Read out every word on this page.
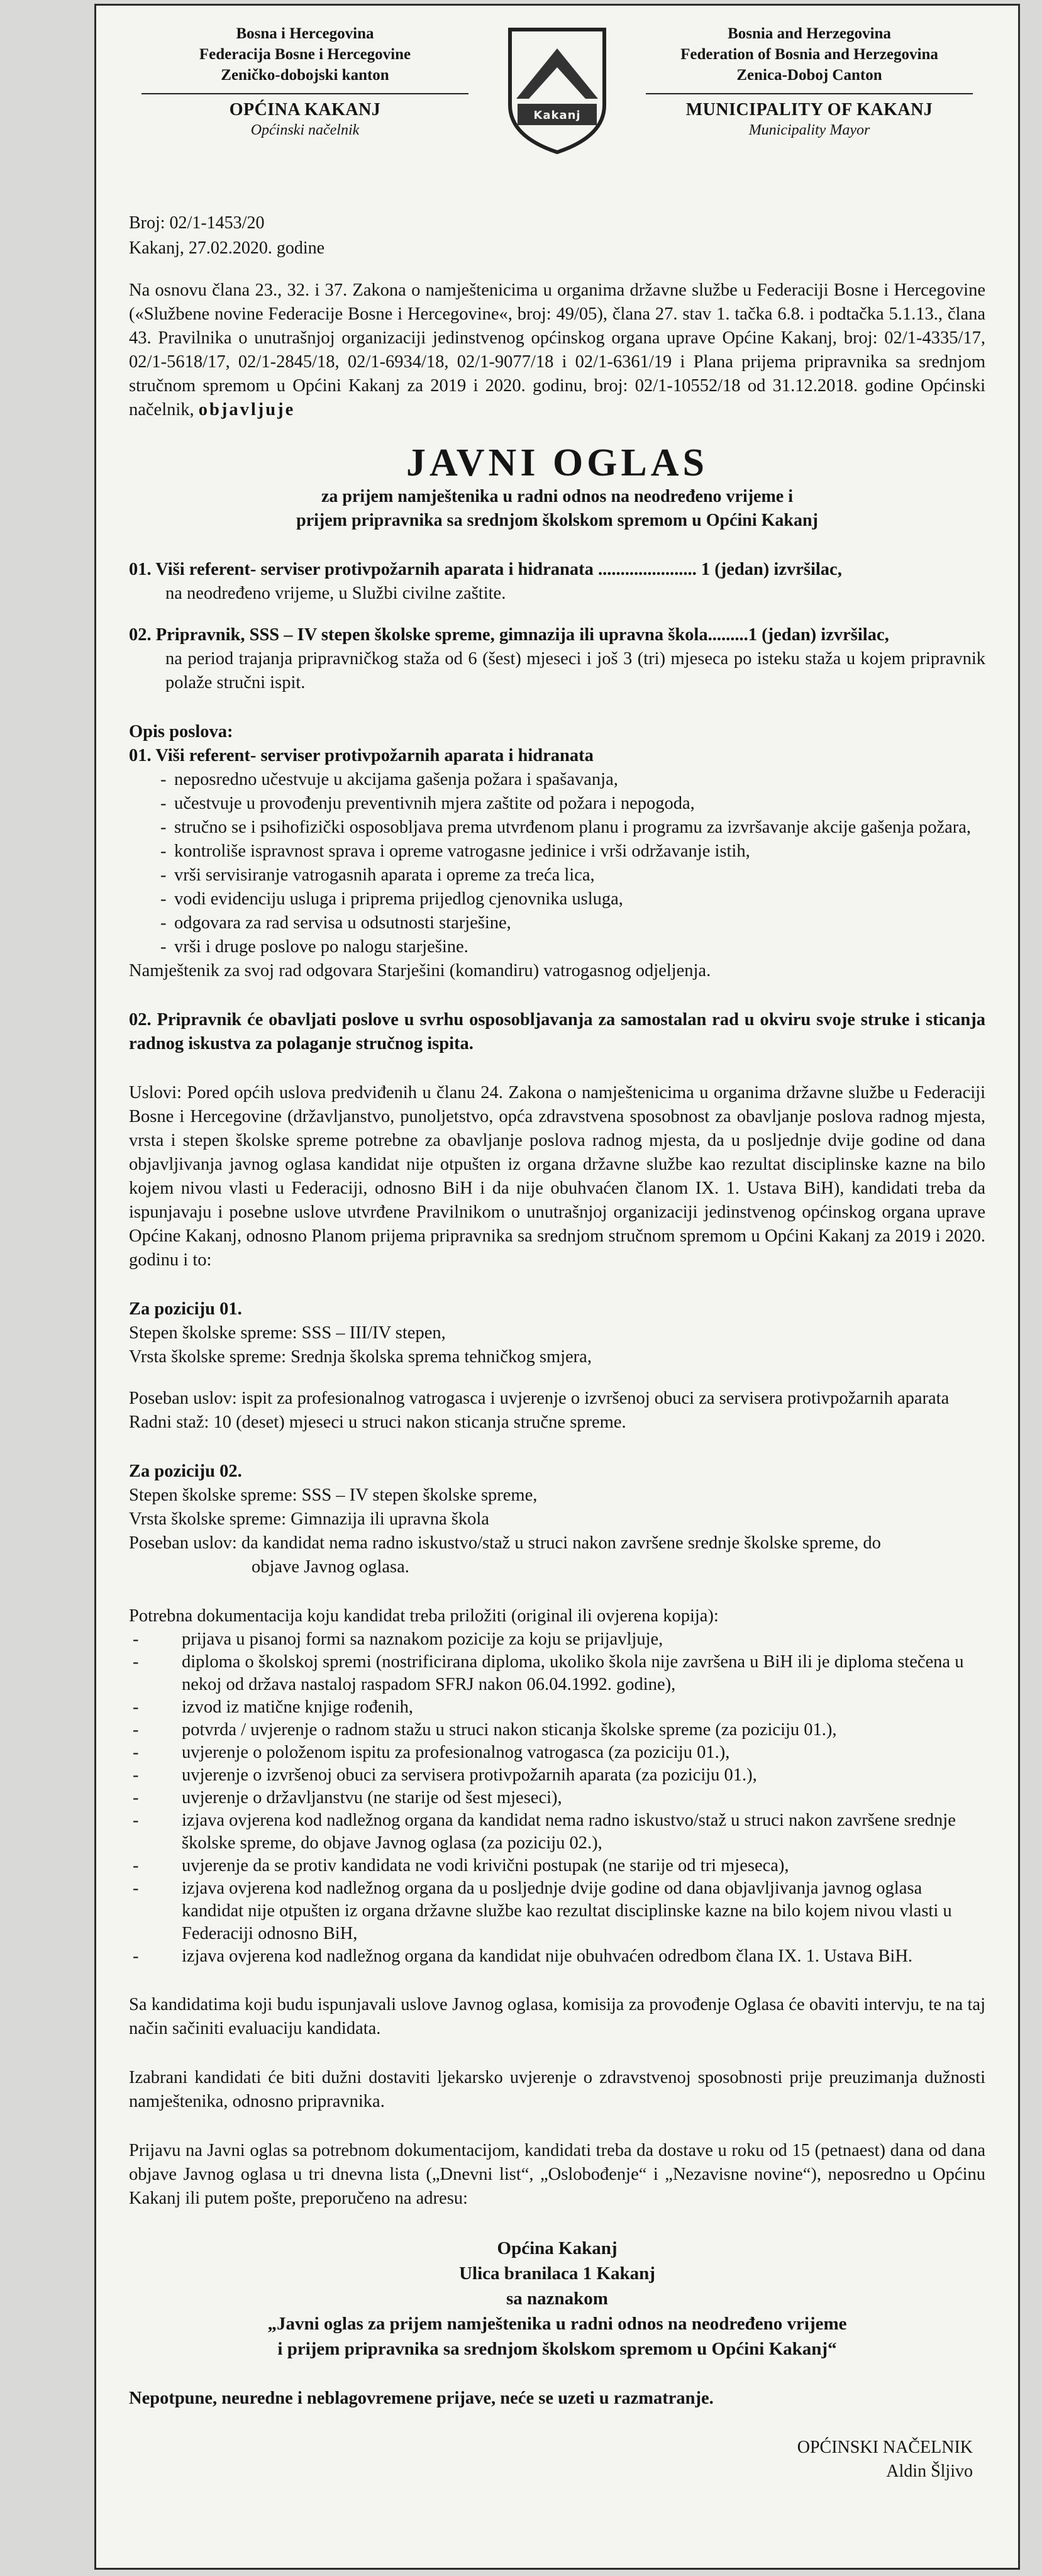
Bosna i Hercegovina
Federacija Bosne i Hercegovine
Zeničko-dobojski kanton
OPĆINA KAKANJ
Općinski načelnik
Kakanj
Bosnia and Herzegovina
Federation of Bosnia and Herzegovina
Zenica-Doboj Canton
MUNICIPALITY OF KAKANJ
Municipality Mayor
Broj: 02/1-1453/20
Kakanj, 27.02.2020. godine

Na osnovu člana 23., 32. i 37. Zakona o namještenicima u organima državne službe u Federaciji Bosne i Hercegovine («Službene novine Federacije Bosne i Hercegovine«, broj: 49/05), člana 27. stav 1. tačka 6.8. i podtačka 5.1.13., člana 43. Pravilnika o unutrašnjoj organizaciji jedinstvenog općinskog organa uprave Općine Kakanj, broj: 02/1-4335/17, 02/1-5618/17, 02/1-2845/18, 02/1-6934/18, 02/1-9077/18 i 02/1-6361/19 i Plana prijema pripravnika sa srednjom stručnom spremom u Općini Kakanj za 2019 i 2020. godinu, broj: 02/1-10552/18 od 31.12.2018. godine Općinski načelnik, objavljuje

JAVNI OGLAS
za prijem namještenika u radni odnos na neodređeno vrijeme i
prijem pripravnika sa srednjom školskom spremom u Općini Kakanj
01. Viši referent- serviser protivpožarnih aparata i hidranata ...................... 1 (jedan) izvršilac,
na neodređeno vrijeme, u Službi civilne zaštite.
02. Pripravnik, SSS – IV stepen školske spreme, gimnazija ili upravna škola.........1 (jedan) izvršilac,
na period trajanja pripravničkog staža od 6 (šest) mjeseci i još 3 (tri) mjeseca po isteku staža u kojem pripravnik polaže stručni ispit.
Opis poslova:
01. Viši referent- serviser protivpožarnih aparata i hidranata
- neposredno učestvuje u akcijama gašenja požara i spašavanja,
- učestvuje u provođenju preventivnih mjera zaštite od požara i nepogoda,
- stručno se i psihofizički osposobljava prema utvrđenom planu i programu za izvršavanje akcije gašenja požara,
- kontroliše ispravnost sprava i opreme vatrogasne jedinice i vrši održavanje istih,
- vrši servisiranje vatrogasnih aparata i opreme za treća lica,
- vodi evidenciju usluga i priprema prijedlog cjenovnika usluga,
- odgovara za rad servisa u odsutnosti starješine,
- vrši i druge poslove po nalogu starješine.

Namještenik za svoj rad odgovara Starješini (komandiru) vatrogasnog odjeljenja.

02. Pripravnik će obavljati poslove u svrhu osposobljavanja za samostalan rad u okviru svoje struke i sticanja radnog iskustva za polaganje stručnog ispita.

Uslovi: Pored općih uslova predviđenih u članu 24. Zakona o namještenicima u organima državne službe u Federaciji Bosne i Hercegovine (državljanstvo, punoljetstvo, opća zdravstvena sposobnost za obavljanje poslova radnog mjesta, vrsta i stepen školske spreme potrebne za obavljanje poslova radnog mjesta, da u posljednje dvije godine od dana objavljivanja javnog oglasa kandidat nije otpušten iz organa državne službe kao rezultat disciplinske kazne na bilo kojem nivou vlasti u Federaciji, odnosno BiH i da nije obuhvaćen članom IX. 1. Ustava BiH), kandidati treba da ispunjavaju i posebne uslove utvrđene Pravilnikom o unutrašnjoj organizaciji jedinstvenog općinskog organa uprave Općine Kakanj, odnosno Planom prijema pripravnika sa srednjom stručnom spremom u Općini Kakanj za 2019 i 2020. godinu i to:

Za poziciju 01.

Stepen školske spreme: SSS – III/IV stepen,

Vrsta školske spreme: Srednja školska sprema tehničkog smjera,

Poseban uslov: ispit za profesionalnog vatrogasca i uvjerenje o izvršenoj obuci za servisera protivpožarnih aparata

Radni staž: 10 (deset) mjeseci u struci nakon sticanja stručne spreme.

Za poziciju 02.

Stepen školske spreme: SSS – IV stepen školske spreme,

Vrsta školske spreme: Gimnazija ili upravna škola

Poseban uslov: da kandidat nema radno iskustvo/staž u struci nakon završene srednje školske spreme, do

objave Javnog oglasa.

Potrebna dokumentacija koju kandidat treba priložiti (original ili ovjerena kopija):

- prijava u pisanoj formi sa naznakom pozicije za koju se prijavljuje,
- diploma o školskoj spremi (nostrificirana diploma, ukoliko škola nije završena u BiH ili je diploma stečena u nekoj od država nastaloj raspadom SFRJ nakon 06.04.1992. godine),
- izvod iz matične knjige rođenih,
- potvrda / uvjerenje o radnom stažu u struci nakon sticanja školske spreme (za poziciju 01.),
- uvjerenje o položenom ispitu za profesionalnog vatrogasca (za poziciju 01.),
- uvjerenje o izvršenoj obuci za servisera protivpožarnih aparata (za poziciju 01.),
- uvjerenje o državljanstvu (ne starije od šest mjeseci),
- izjava ovjerena kod nadležnog organa da kandidat nema radno iskustvo/staž u struci nakon završene srednje školske spreme, do objave Javnog oglasa (za poziciju 02.),
- uvjerenje da se protiv kandidata ne vodi krivični postupak (ne starije od tri mjeseca),
- izjava ovjerena kod nadležnog organa da u posljednje dvije godine od dana objavljivanja javnog oglasa kandidat nije otpušten iz organa državne službe kao rezultat disciplinske kazne na bilo kojem nivou vlasti u Federaciji odnosno BiH,
- izjava ovjerena kod nadležnog organa da kandidat nije obuhvaćen odredbom člana IX. 1. Ustava BiH.

Sa kandidatima koji budu ispunjavali uslove Javnog oglasa, komisija za provođenje Oglasa će obaviti intervju, te na taj način sačiniti evaluaciju kandidata.

Izabrani kandidati će biti dužni dostaviti ljekarsko uvjerenje o zdravstvenoj sposobnosti prije preuzimanja dužnosti namještenika, odnosno pripravnika.

Prijavu na Javni oglas sa potrebnom dokumentacijom, kandidati treba da dostave u roku od 15 (petnaest) dana od dana objave Javnog oglasa u tri dnevna lista („Dnevni list“, „Oslobođenje“ i „Nezavisne novine“), neposredno u Općinu Kakanj ili putem pošte, preporučeno na adresu:

Općina Kakanj
Ulica branilaca 1 Kakanj
sa naznakom
„Javni oglas za prijem namještenika u radni odnos na neodređeno vrijeme
i prijem pripravnika sa srednjom školskom spremom u Općini Kakanj“

Nepotpune, neuredne i neblagovremene prijave, neće se uzeti u razmatranje.

OPĆINSKI NAČELNIK
Aldin Šljivo
